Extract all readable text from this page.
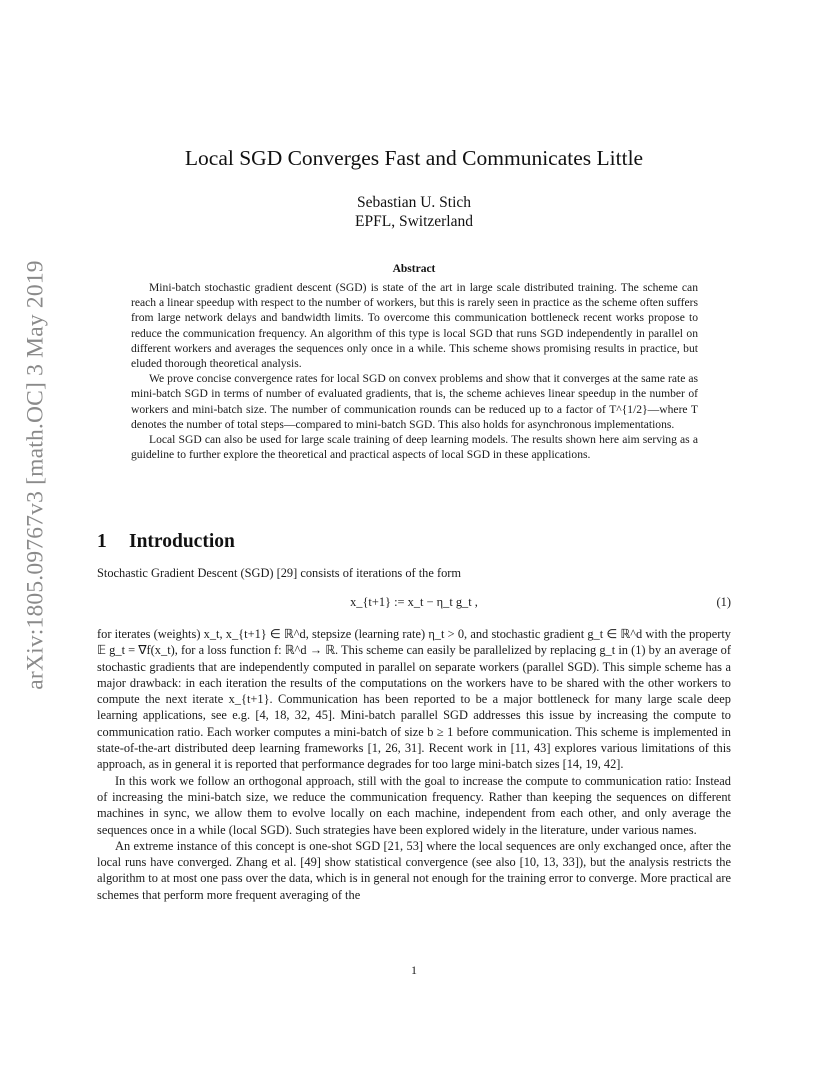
arXiv:1805.09767v3 [math.OC] 3 May 2019
Local SGD Converges Fast and Communicates Little
Sebastian U. Stich
EPFL, Switzerland
Abstract

Mini-batch stochastic gradient descent (SGD) is state of the art in large scale distributed training. The scheme can reach a linear speedup with respect to the number of workers, but this is rarely seen in practice as the scheme often suffers from large network delays and bandwidth limits. To overcome this communication bottleneck recent works propose to reduce the communication frequency. An algorithm of this type is local SGD that runs SGD independently in parallel on different workers and averages the sequences only once in a while. This scheme shows promising results in practice, but eluded thorough theoretical analysis.

We prove concise convergence rates for local SGD on convex problems and show that it converges at the same rate as mini-batch SGD in terms of number of evaluated gradients, that is, the scheme achieves linear speedup in the number of workers and mini-batch size. The number of communication rounds can be reduced up to a factor of T^{1/2}—where T denotes the number of total steps—compared to mini-batch SGD. This also holds for asynchronous implementations.

Local SGD can also be used for large scale training of deep learning models. The results shown here aim serving as a guideline to further explore the theoretical and practical aspects of local SGD in these applications.

1 Introduction
Stochastic Gradient Descent (SGD) [29] consists of iterations of the form
x_{t+1} := x_t − η_t g_t ,	(1)

for iterates (weights) x_t, x_{t+1} ∈ ℝ^d, stepsize (learning rate) η_t > 0, and stochastic gradient g_t ∈ ℝ^d with the property 𝔼 g_t = ∇f(x_t), for a loss function f: ℝ^d → ℝ. This scheme can easily be parallelized by replacing g_t in (1) by an average of stochastic gradients that are independently computed in parallel on separate workers (parallel SGD). This simple scheme has a major drawback: in each iteration the results of the computations on the workers have to be shared with the other workers to compute the next iterate x_{t+1}. Communication has been reported to be a major bottleneck for many large scale deep learning applications, see e.g. [4, 18, 32, 45]. Mini-batch parallel SGD addresses this issue by increasing the compute to communication ratio. Each worker computes a mini-batch of size b ≥ 1 before communication. This scheme is implemented in state-of-the-art distributed deep learning frameworks [1, 26, 31]. Recent work in [11, 43] explores various limitations of this approach, as in general it is reported that performance degrades for too large mini-batch sizes [14, 19, 42].

In this work we follow an orthogonal approach, still with the goal to increase the compute to communication ratio: Instead of increasing the mini-batch size, we reduce the communication frequency. Rather than keeping the sequences on different machines in sync, we allow them to evolve locally on each machine, independent from each other, and only average the sequences once in a while (local SGD). Such strategies have been explored widely in the literature, under various names.

An extreme instance of this concept is one-shot SGD [21, 53] where the local sequences are only exchanged once, after the local runs have converged. Zhang et al. [49] show statistical convergence (see also [10, 13, 33]), but the analysis restricts the algorithm to at most one pass over the data, which is in general not enough for the training error to converge. More practical are schemes that perform more frequent averaging of the

1
